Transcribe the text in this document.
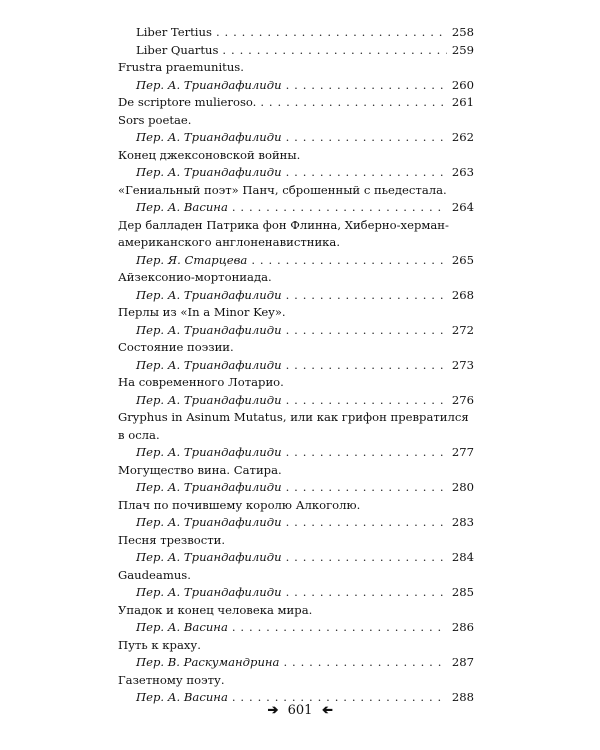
Liber Tertius . . .	258
Liber Quartus . . .	259
Frustra praemunitus.
Пер. А. Триандафилиди . . .	260
De scriptore mulieroso. . . .	261
Sors poetae.
Пер. А. Триандафилиди . . .	262
Конец джексоновской войны.
Пер. А. Триандафилиди . . .	263
«Гениальный поэт» Панч, сброшенный с пьедестала.
Пер. А. Васина . . .	264
Дер балладен Патрика фон Флинна, Хиберно-херман-
американского англоненавистника.
Пер. Я. Старцева . . .	265
Айзексонио-мортониада.
Пер. А. Триандафилиди . . .	268
Перлы из «In a Minor Key».
Пер. А. Триандафилиди . . .	272
Состояние поэзии.
Пер. А. Триандафилиди . . .	273
На современного Лотарио.
Пер. А. Триандафилиди . . .	276
Gryphus in Asinum Mutatus, или как грифон превратился
в осла.
Пер. А. Триандафилиди . . .	277
Могущество вина. Сатира.
Пер. А. Триандафилиди . . .	280
Плач по почившему королю Алкоголю.
Пер. А. Триандафилиди . . .	283
Песня трезвости.
Пер. А. Триандафилиди . . .	284
Gaudeamus.
Пер. А. Триандафилиди . . .	285
Упадок и конец человека мира.
Пер. А. Васина . . .	286
Путь к краху.
Пер. В. Раскумандрина . . .	287
Газетному поэту.
Пер. А. Васина . . .	288
➔ 601 ➔
